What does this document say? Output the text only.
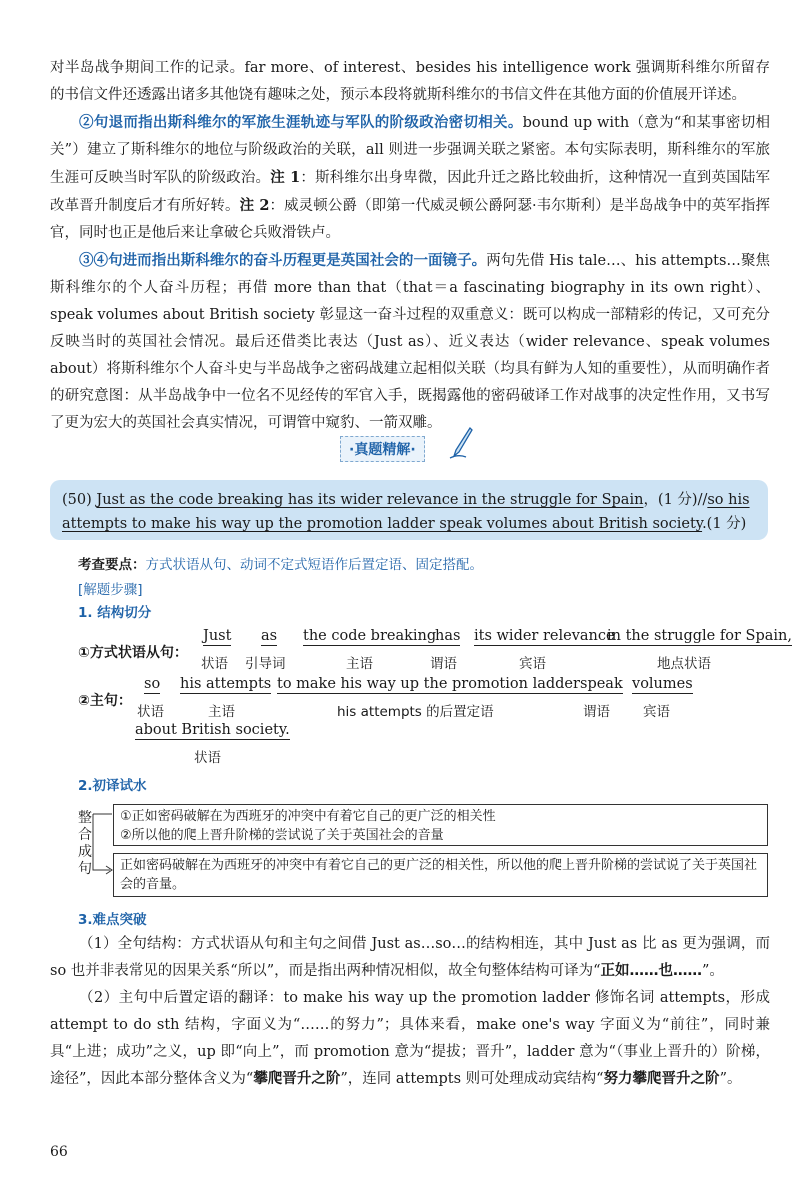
对半岛战争期间工作的记录。far more、of interest、besides his intelligence work 强调斯科维尔所留存的书信文件还透露出诸多其他饶有趣味之处，预示本段将就斯科维尔的书信文件在其他方面的价值展开详述。

②句退而指出斯科维尔的军旅生涯轨迹与军队的阶级政治密切相关。bound up with（意为“和某事密切相关”）建立了斯科维尔的地位与阶级政治的关联，all 则进一步强调关联之紧密。本句实际表明，斯科维尔的军旅生涯可反映当时军队的阶级政治。注 1：斯科维尔出身卑微，因此升迁之路比较曲折，这种情况一直到英国陆军改革晋升制度后才有所好转。注 2：威灵顿公爵（即第一代威灵顿公爵阿瑟·韦尔斯利）是半岛战争中的英军指挥官，同时也正是他后来让拿破仑兵败滑铁卢。

③④句进而指出斯科维尔的奋斗历程更是英国社会的一面镜子。两句先借 His tale…、his attempts…聚焦斯科维尔的个人奋斗历程；再借 more than that（that＝a fascinating biography in its own right）、speak volumes about British society 彰显这一奋斗过程的双重意义：既可以构成一部精彩的传记，又可充分反映当时的英国社会情况。最后还借类比表达（Just as）、近义表达（wider relevance、speak volumes about）将斯科维尔个人奋斗史与半岛战争之密码战建立起相似关联（均具有鲜为人知的重要性），从而明确作者的研究意图：从半岛战争中一位名不见经传的军官入手，既揭露他的密码破译工作对战事的决定性作用，又书写了更为宏大的英国社会真实情况，可谓管中窥豹、一箭双雕。

·真题精解·
(50) Just as the code breaking has its wider relevance in the struggle for Spain，(1 分)//so his
attempts to make his way up the promotion ladder speak volumes about British society.(1 分)
考查要点：方式状语从句、动词不定式短语作后置定语、固定搭配。
[解题步骤]
1. 结构切分
①方式状语从句：
Just
状语
as
引导词
the code breaking
主语
has
谓语
its wider relevance
宾语
in the struggle for Spain,
地点状语
②主句：
so
状语
his attempts
主语
to make his way up the promotion ladder
his attempts 的后置定语
speak
谓语
volumes
宾语
about British society.
状语
2.初译试水
整合成句
①正如密码破解在为西班牙的冲突中有着它自己的更广泛的相关性
②所以他的爬上晋升阶梯的尝试说了关于英国社会的音量
正如密码破解在为西班牙的冲突中有着它自己的更广泛的相关性，所以他的爬上晋升阶梯的尝试说了关于英国社会的音量。
3.难点突破

（1）全句结构：方式状语从句和主句之间借 Just as…so…的结构相连，其中 Just as 比 as 更为强调，而 so 也并非表常见的因果关系“所以”，而是指出两种情况相似，故全句整体结构可译为“正如……也……”。

（2）主句中后置定语的翻译：to make his way up the promotion ladder 修饰名词 attempts，形成 attempt to do sth 结构，字面义为“……的努力”；具体来看，make one's way 字面义为“前往”，同时兼具“上进；成功”之义，up 即“向上”，而 promotion 意为“提拔；晋升”，ladder 意为“（事业上晋升的）阶梯，途径”，因此本部分整体含义为“攀爬晋升之阶”，连同 attempts 则可处理成动宾结构“努力攀爬晋升之阶”。

66
